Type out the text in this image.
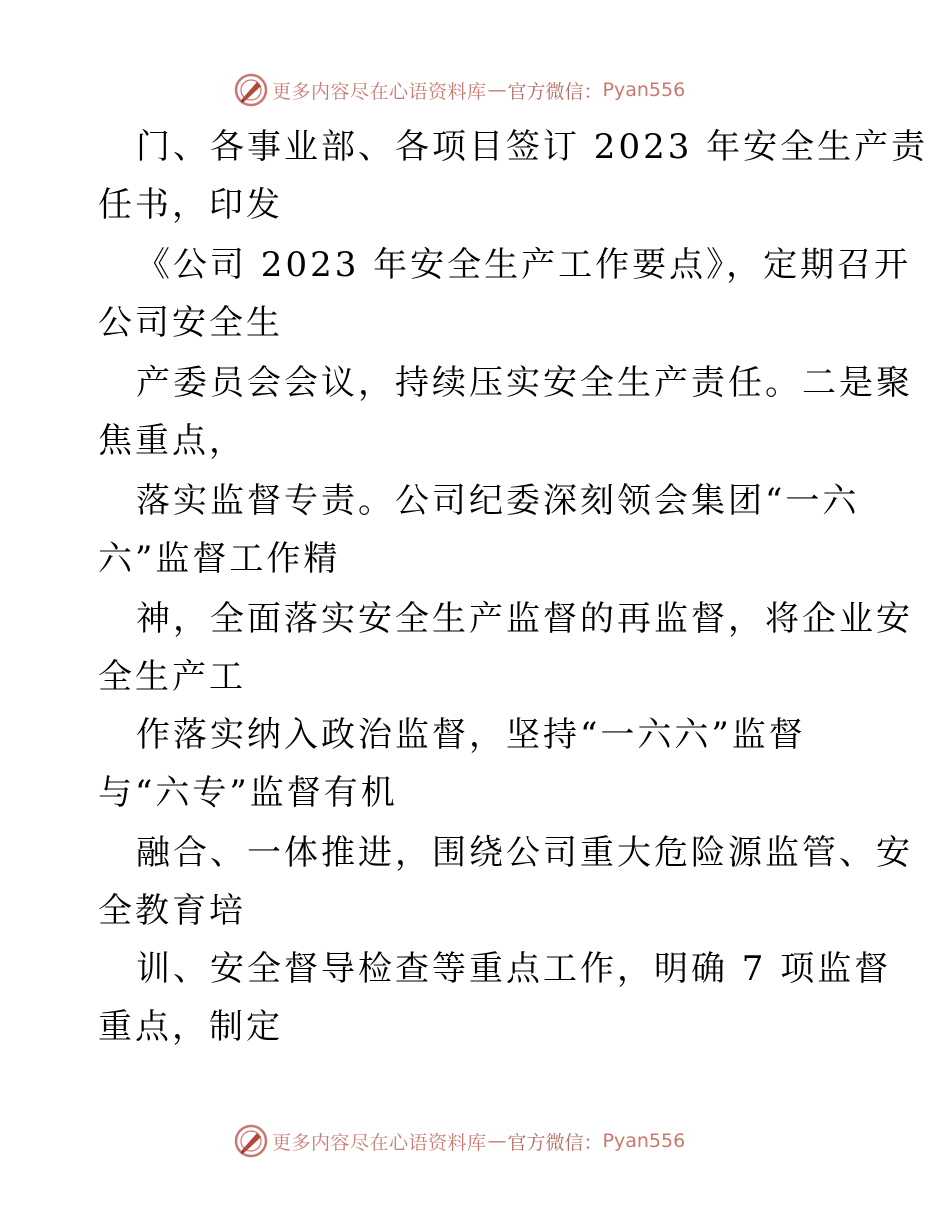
更多内容尽在心语资料库 — 官方微信： Pyan556
门、各事业部、各项目签订 2023 年安全生产责
任书，印发
《公司 2023 年安全生产工作要点》，定期召开
公司安全生
产委员会会议，持续压实安全生产责任。二是聚
焦重点，
落实监督专责。公司纪委深刻领会集团“一六
六”监督工作精
神，全面落实安全生产监督的再监督，将企业安
全生产工
作落实纳入政治监督，坚持“一六六”监督
与“六专”监督有机
融合、一体推进，围绕公司重大危险源监管、安
全教育培
训、安全督导检查等重点工作，明确 7 项监督
重点，制定
更多内容尽在心语资料库 — 官方微信： Pyan556
